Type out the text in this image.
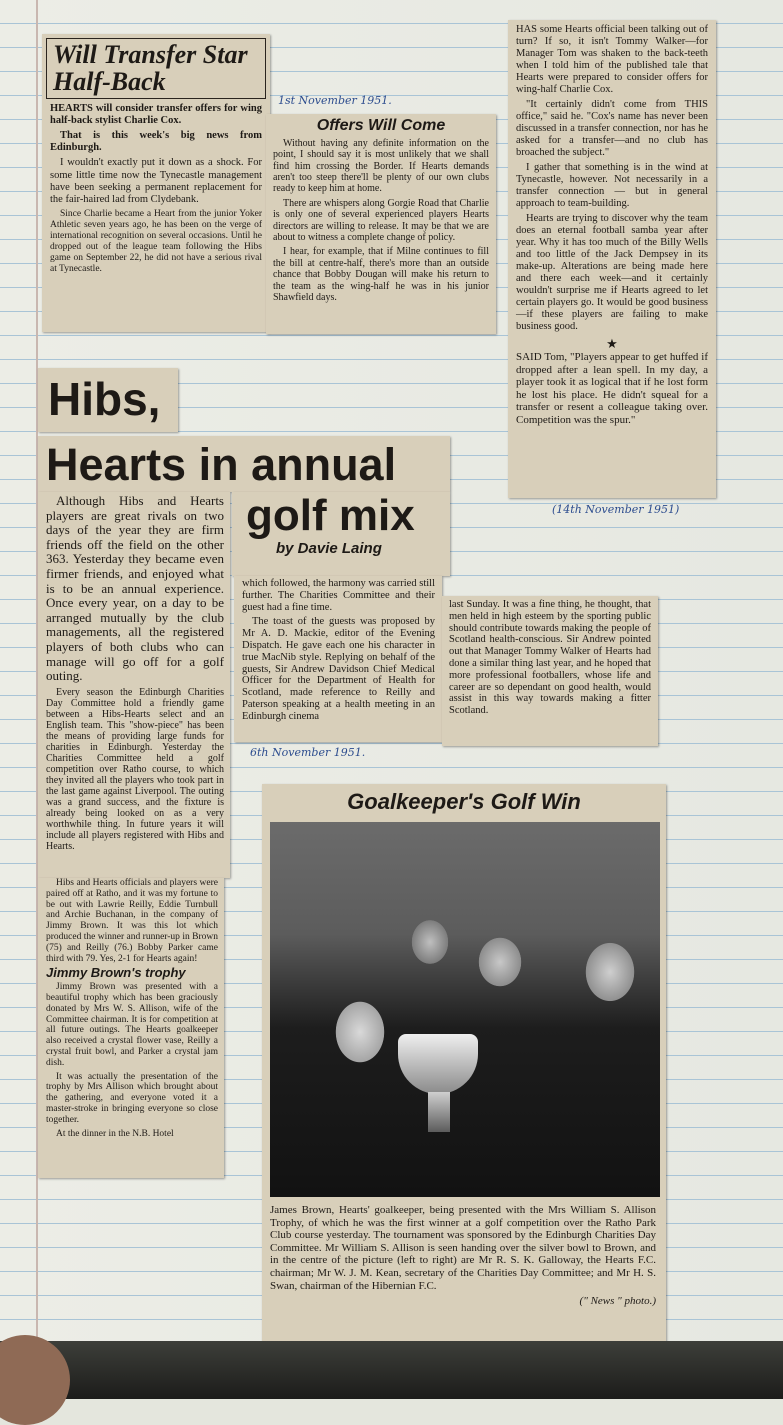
Will Transfer Star Half-Back

HEARTS will consider transfer offers for wing half-back stylist Charlie Cox.

That is this week's big news from Edinburgh.

I wouldn't exactly put it down as a shock. For some little time now the Tynecastle management have been seeking a permanent replacement for the fair-haired lad from Clydebank.

Since Charlie became a Heart from the junior Yoker Athletic seven years ago, he has been on the verge of international recognition on several occasions. Until he dropped out of the league team following the Hibs game on September 22, he did not have a serious rival at Tynecastle.

1st November 1951.
Offers Will Come

Without having any definite information on the point, I should say it is most unlikely that we shall find him crossing the Border. If Hearts demands aren't too steep there'll be plenty of our own clubs ready to keep him at home.

There are whispers along Gorgie Road that Charlie is only one of several experienced players Hearts directors are willing to release. It may be that we are about to witness a complete change of policy.

I hear, for example, that if Milne continues to fill the bill at centre-half, there's more than an outside chance that Bobby Dougan will make his return to the team as the wing-half he was in his junior Shawfield days.

HAS some Hearts official been talking out of turn? If so, it isn't Tommy Walker—for Manager Tom was shaken to the back-teeth when I told him of the published tale that Hearts were prepared to consider offers for wing-half Charlie Cox.

"It certainly didn't come from THIS office," said he. "Cox's name has never been discussed in a transfer connection, nor has he asked for a transfer—and no club has broached the subject."

I gather that something is in the wind at Tynecastle, however. Not necessarily in a transfer connection — but in general approach to team-building.

Hearts are trying to discover why the team does an eternal football samba year after year. Why it has too much of the Billy Wells and too little of the Jack Dempsey in its make-up. Alterations are being made here and there each week—and it certainly wouldn't surprise me if Hearts agreed to let certain players go. It would be good business—if these players are failing to make business good.

★

SAID Tom, "Players appear to get huffed if dropped after a lean spell. In my day, a player took it as logical that if he lost form he lost his place. He didn't squeal for a transfer or resent a colleague taking over. Competition was the spur."

(14th November 1951)
Hibs,
Hearts in annual

Although Hibs and Hearts players are great rivals on two days of the year they are firm friends off the field on the other 363. Yesterday they became even firmer friends, and enjoyed what is to be an annual experience. Once every year, on a day to be arranged mutually by the club managements, all the registered players of both clubs who can manage will go off for a golf outing.

Every season the Edinburgh Charities Day Committee hold a friendly game between a Hibs-Hearts select and an English team. This "show-piece" has been the means of providing large funds for charities in Edinburgh. Yesterday the Charities Committee held a golf competition over Ratho course, to which they invited all the players who took part in the last game against Liverpool. The outing was a grand success, and the fixture is already being looked on as a very worthwhile thing. In future years it will include all players registered with Hibs and Hearts.

Hibs and Hearts officials and players were paired off at Ratho, and it was my fortune to be out with Lawrie Reilly, Eddie Turnbull and Archie Buchanan, in the company of Jimmy Brown. It was this lot which produced the winner and runner-up in Brown (75) and Reilly (76.) Bobby Parker came third with 79. Yes, 2-1 for Hearts again!

Jimmy Brown's trophy

Jimmy Brown was presented with a beautiful trophy which has been graciously donated by Mrs W. S. Allison, wife of the Committee chairman. It is for competition at all future outings. The Hearts goalkeeper also received a crystal flower vase, Reilly a crystal fruit bowl, and Parker a crystal jam dish.

It was actually the presentation of the trophy by Mrs Allison which brought about the gathering, and everyone voted it a master-stroke in bringing everyone so close together.

At the dinner in the N.B. Hotel

golf mix
by Davie Laing

which followed, the harmony was carried still further. The Charities Committee and their guest had a fine time.

The toast of the guests was proposed by Mr A. D. Mackie, editor of the Evening Dispatch. He gave each one his character in true MacNib style. Replying on behalf of the guests, Sir Andrew Davidson Chief Medical Officer for the Department of Health for Scotland, made reference to Reilly and Paterson speaking at a health meeting in an Edinburgh cinema

last Sunday. It was a fine thing, he thought, that men held in high esteem by the sporting public should contribute towards making the people of Scotland health-conscious. Sir Andrew pointed out that Manager Tommy Walker of Hearts had done a similar thing last year, and he hoped that more professional footballers, whose life and career are so dependant on good health, would assist in this way towards making a fitter Scotland.

6th November 1951.
Goalkeeper's Golf Win

James Brown, Hearts' goalkeeper, being presented with the Mrs William S. Allison Trophy, of which he was the first winner at a golf competition over the Ratho Park Club course yesterday. The tournament was sponsored by the Edinburgh Charities Day Committee. Mr William S. Allison is seen handing over the silver bowl to Brown, and in the centre of the picture (left to right) are Mr R. S. K. Galloway, the Hearts F.C. chairman; Mr W. J. M. Kean, secretary of the Charities Day Committee; and Mr H. S. Swan, chairman of the Hibernian F.C.

(" News " photo.)
